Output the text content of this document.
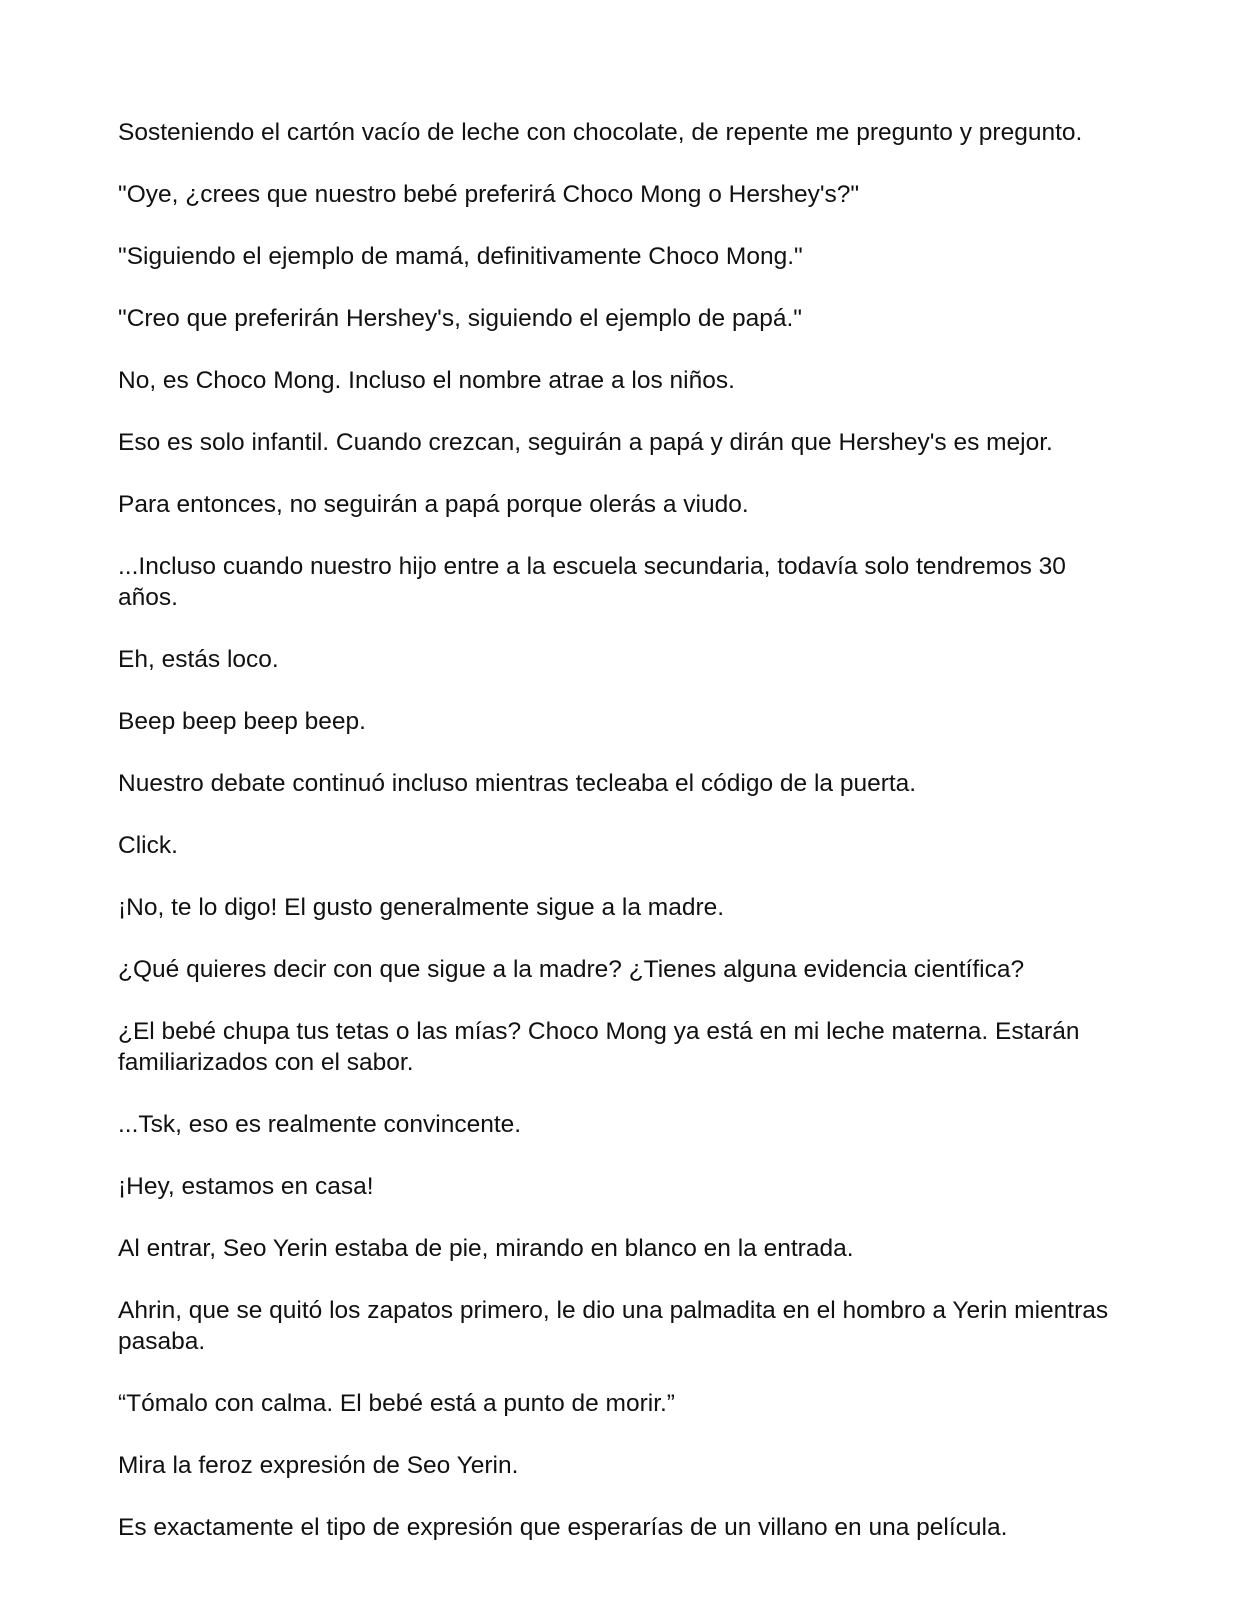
Sosteniendo el cartón vacío de leche con chocolate, de repente me pregunto y pregunto.

"Oye, ¿crees que nuestro bebé preferirá Choco Mong o Hershey's?"

"Siguiendo el ejemplo de mamá, definitivamente Choco Mong."

"Creo que preferirán Hershey's, siguiendo el ejemplo de papá."

No, es Choco Mong. Incluso el nombre atrae a los niños.

Eso es solo infantil. Cuando crezcan, seguirán a papá y dirán que Hershey's es mejor.

Para entonces, no seguirán a papá porque olerás a viudo.

...Incluso cuando nuestro hijo entre a la escuela secundaria, todavía solo tendremos 30 años.

Eh, estás loco.

Beep beep beep beep.

Nuestro debate continuó incluso mientras tecleaba el código de la puerta.

Click.

¡No, te lo digo! El gusto generalmente sigue a la madre.

¿Qué quieres decir con que sigue a la madre? ¿Tienes alguna evidencia científica?

¿El bebé chupa tus tetas o las mías? Choco Mong ya está en mi leche materna. Estarán familiarizados con el sabor.

...Tsk, eso es realmente convincente.

¡Hey, estamos en casa!

Al entrar, Seo Yerin estaba de pie, mirando en blanco en la entrada.

Ahrin, que se quitó los zapatos primero, le dio una palmadita en el hombro a Yerin mientras pasaba.

“Tómalo con calma. El bebé está a punto de morir.”

Mira la feroz expresión de Seo Yerin.

Es exactamente el tipo de expresión que esperarías de un villano en una película.
